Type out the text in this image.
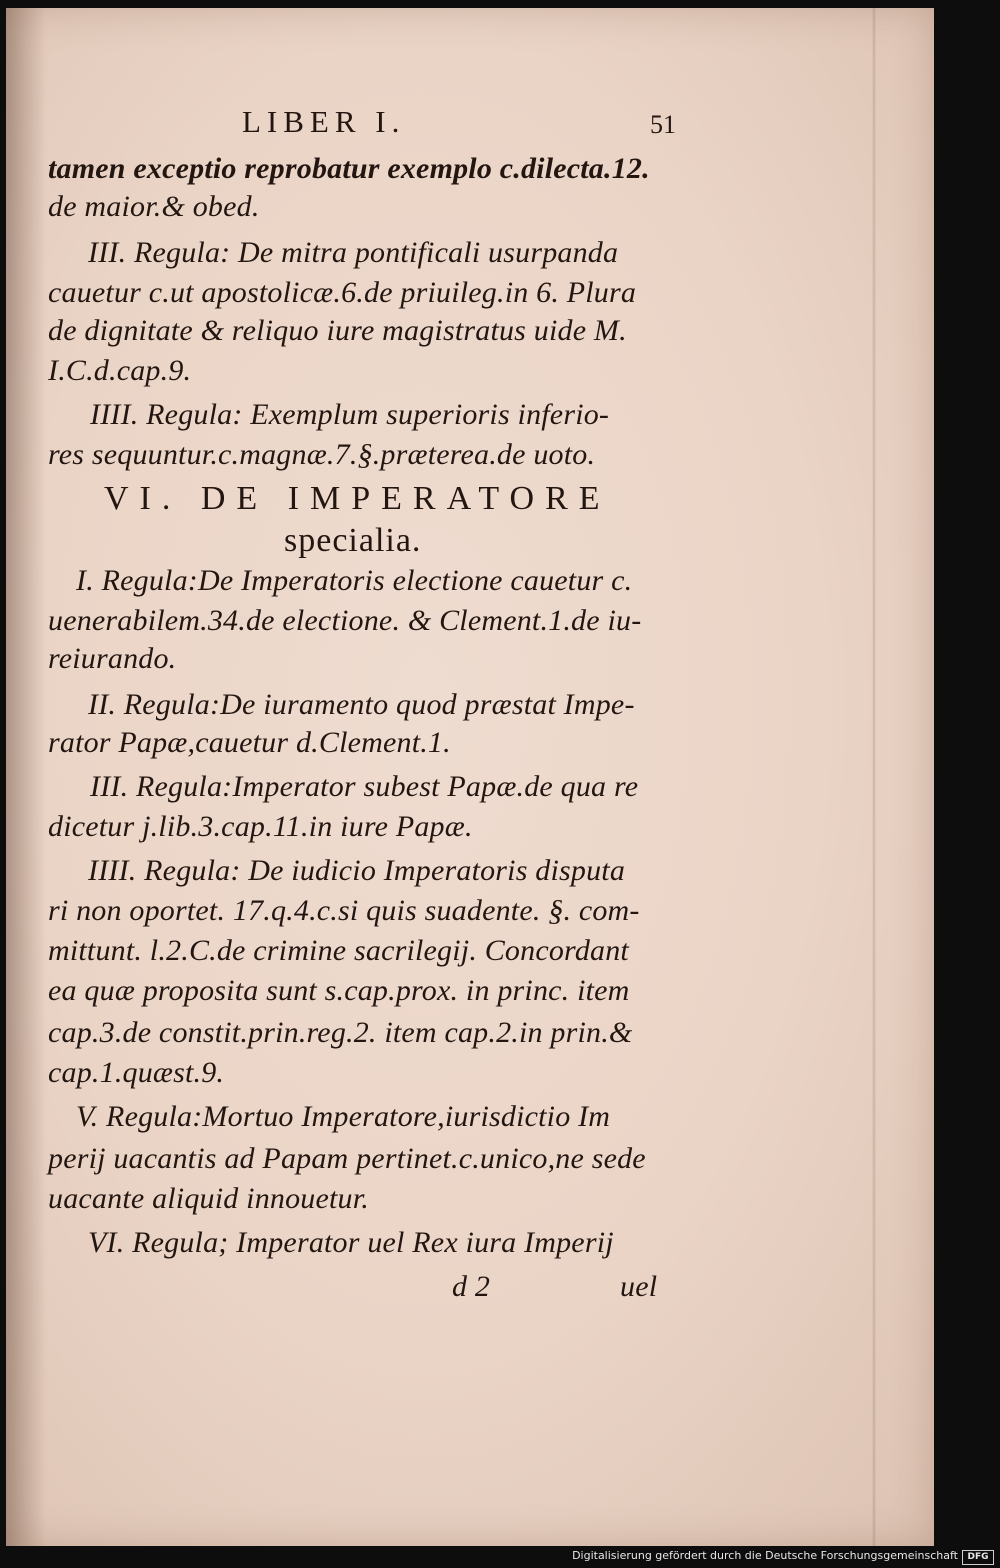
LIBER I.	51
tamen exceptio reprobatur exemplo c.dilecta.12.
de maior.& obed.
III. Regula: De mitra pontificali usurpanda
cauetur c.ut apostolicæ.6.de priuileg.in 6. Plura
de dignitate & reliquo iure magistratus uide M.
I.C.d.cap.9.
IIII. Regula: Exemplum superioris inferio-
res sequuntur.c.magnæ.7.§.præterea.de uoto.
VI. DE IMPERATORE
specialia.
I. Regula:De Imperatoris electione cauetur c.
uenerabilem.34.de electione. & Clement.1.de iu-
reiurando.
II. Regula:De iuramento quod præstat Impe-
rator Papæ,cauetur d.Clement.1.
III. Regula:Imperator subest Papæ.de qua re
dicetur j.lib.3.cap.11.in iure Papæ.
IIII. Regula: De iudicio Imperatoris disputa
ri non oportet. 17.q.4.c.si quis suadente. §. com-
mittunt. l.2.C.de crimine sacrilegij. Concordant
ea quæ proposita sunt s.cap.prox. in princ. item
cap.3.de constit.prin.reg.2. item cap.2.in prin.&
cap.1.quæst.9.
V. Regula:Mortuo Imperatore,iurisdictio Im
perij uacantis ad Papam pertinet.c.unico,ne sede
uacante aliquid innouetur.
VI. Regula; Imperator uel Rex iura Imperij
d 2	uel
Digitalisierung gefördert durch die Deutsche Forschungsgemeinschaft	DFG
